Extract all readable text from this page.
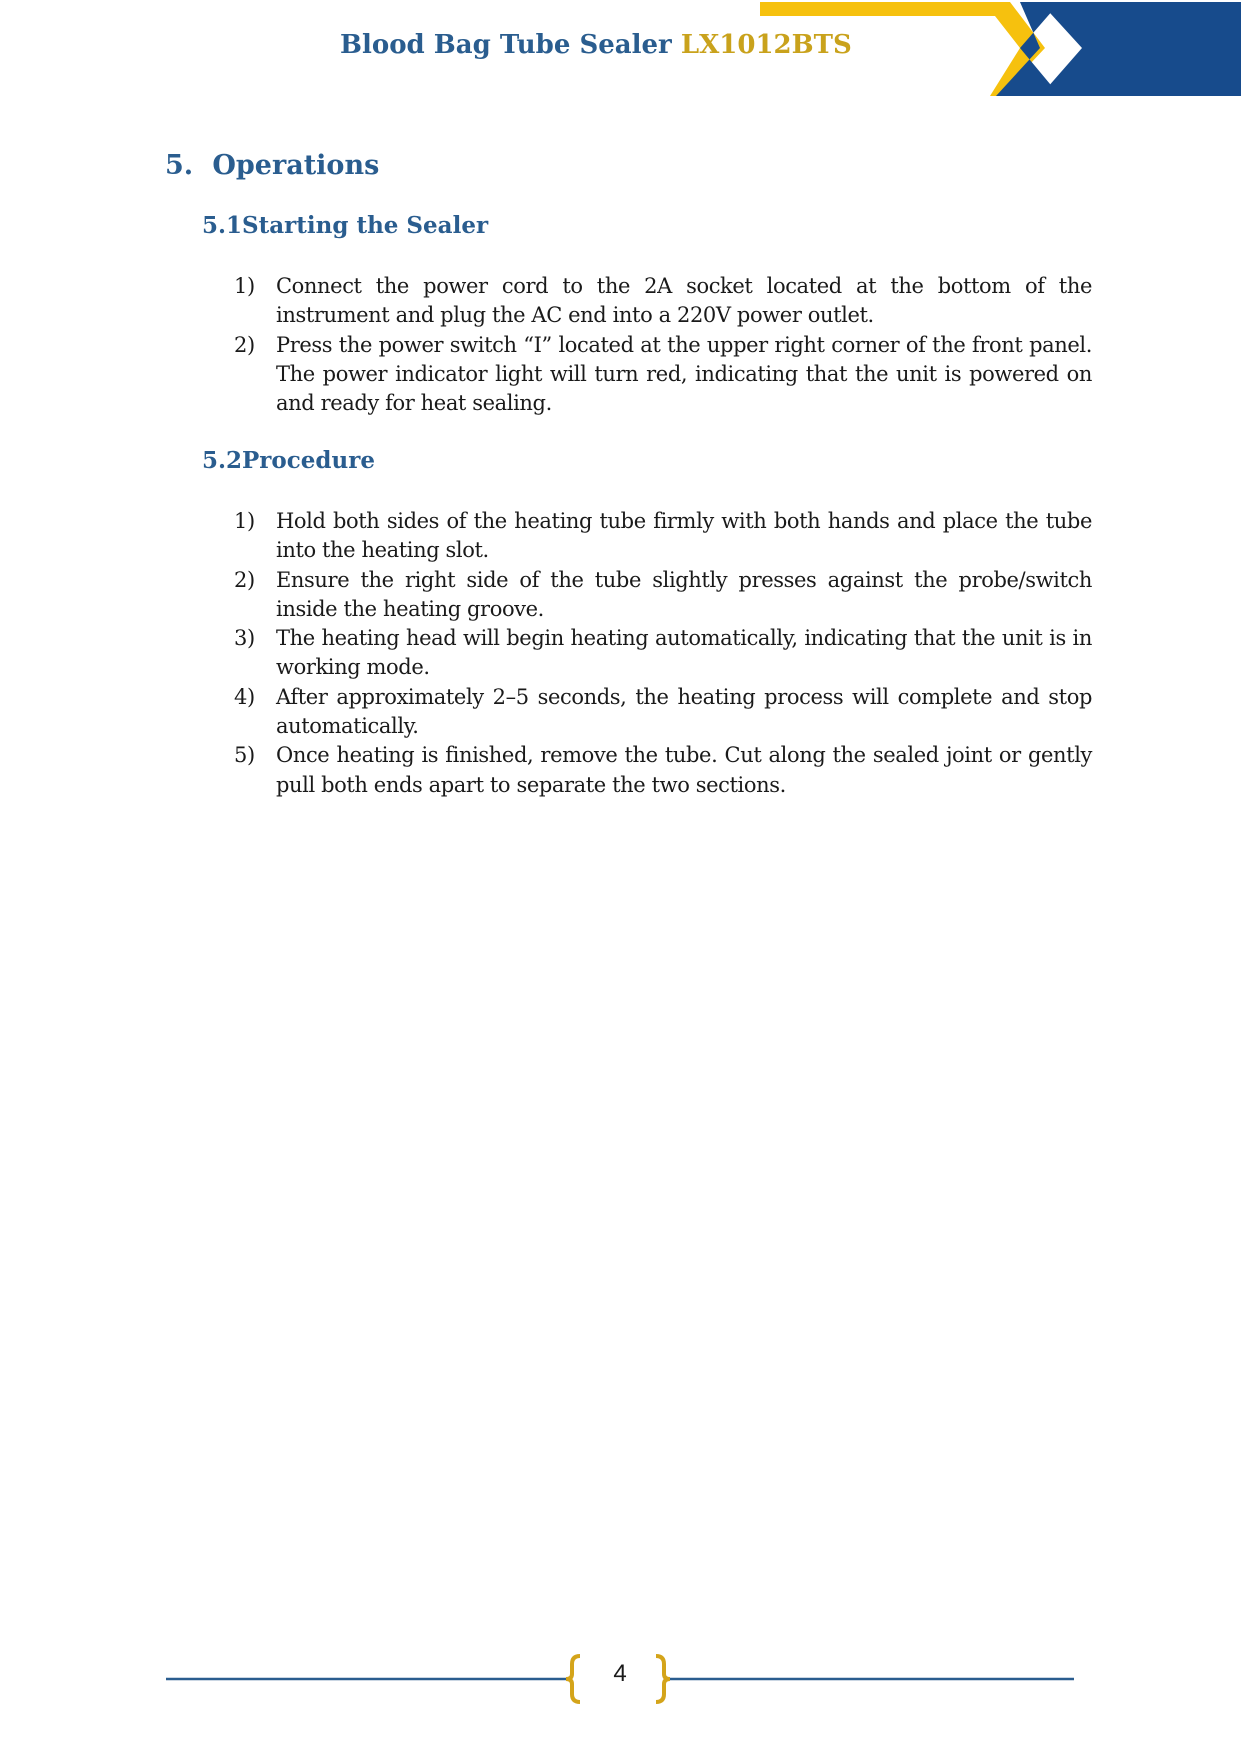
Blood Bag Tube Sealer LX1012BTS
5. Operations
5.1Starting the Sealer
1) Connect the power cord to the 2A socket located at the bottom of the instrument and plug the AC end into a 220V power outlet.
2) Press the power switch “I” located at the upper right corner of the front panel. The power indicator light will turn red, indicating that the unit is powered on and ready for heat sealing.
5.2Procedure
1) Hold both sides of the heating tube firmly with both hands and place the tube into the heating slot.
2) Ensure the right side of the tube slightly presses against the probe/switch inside the heating groove.
3) The heating head will begin heating automatically, indicating that the unit is in working mode.
4) After approximately 2–5 seconds, the heating process will complete and stop automatically.
5) Once heating is finished, remove the tube. Cut along the sealed joint or gently pull both ends apart to separate the two sections.
4
